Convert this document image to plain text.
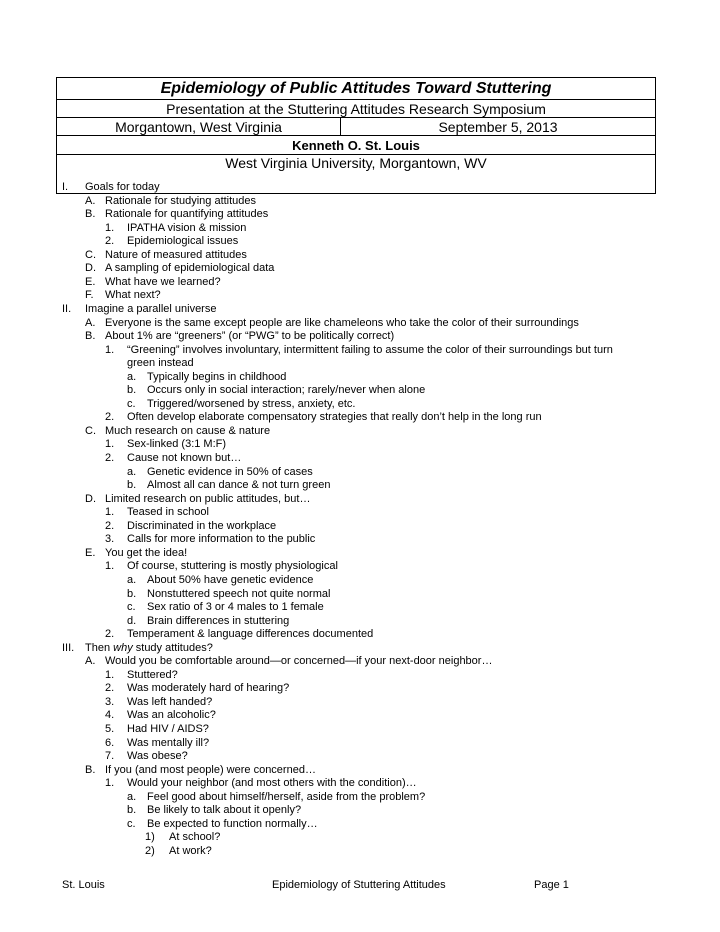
Epidemiology of Public Attitudes Toward Stuttering
Presentation at the Stuttering Attitudes Research Symposium
Morgantown, West Virginia	September 5, 2013
Kenneth O. St. Louis
West Virginia University, Morgantown, WV
I. Goals for today
A. Rationale for studying attitudes
B. Rationale for quantifying attitudes
1. IPATHA vision & mission
2. Epidemiological issues
C. Nature of measured attitudes
D. A sampling of epidemiological data
E. What have we learned?
F. What next?
II. Imagine a parallel universe
A. Everyone is the same except people are like chameleons who take the color of their surroundings
B. About 1% are “greeners” (or “PWG” to be politically correct)
1. “Greening” involves involuntary, intermittent failing to assume the color of their surroundings but turn
green instead
a. Typically begins in childhood
b. Occurs only in social interaction; rarely/never when alone
c. Triggered/worsened by stress, anxiety, etc.
2. Often develop elaborate compensatory strategies that really don’t help in the long run
C. Much research on cause & nature
1. Sex-linked (3:1 M:F)
2. Cause not known but…
a. Genetic evidence in 50% of cases
b. Almost all can dance & not turn green
D. Limited research on public attitudes, but…
1. Teased in school
2. Discriminated in the workplace
3. Calls for more information to the public
E. You get the idea!
1. Of course, stuttering is mostly physiological
a. About 50% have genetic evidence
b. Nonstuttered speech not quite normal
c. Sex ratio of 3 or 4 males to 1 female
d. Brain differences in stuttering
2. Temperament & language differences documented
III. Then why study attitudes?
A. Would you be comfortable around—or concerned—if your next-door neighbor…
1. Stuttered?
2. Was moderately hard of hearing?
3. Was left handed?
4. Was an alcoholic?
5. Had HIV / AIDS?
6. Was mentally ill?
7. Was obese?
B. If you (and most people) were concerned…
1. Would your neighbor (and most others with the condition)…
a. Feel good about himself/herself, aside from the problem?
b. Be likely to talk about it openly?
c. Be expected to function normally…
1) At school?
2) At work?
St. Louis	Epidemiology of Stuttering Attitudes	Page 1
